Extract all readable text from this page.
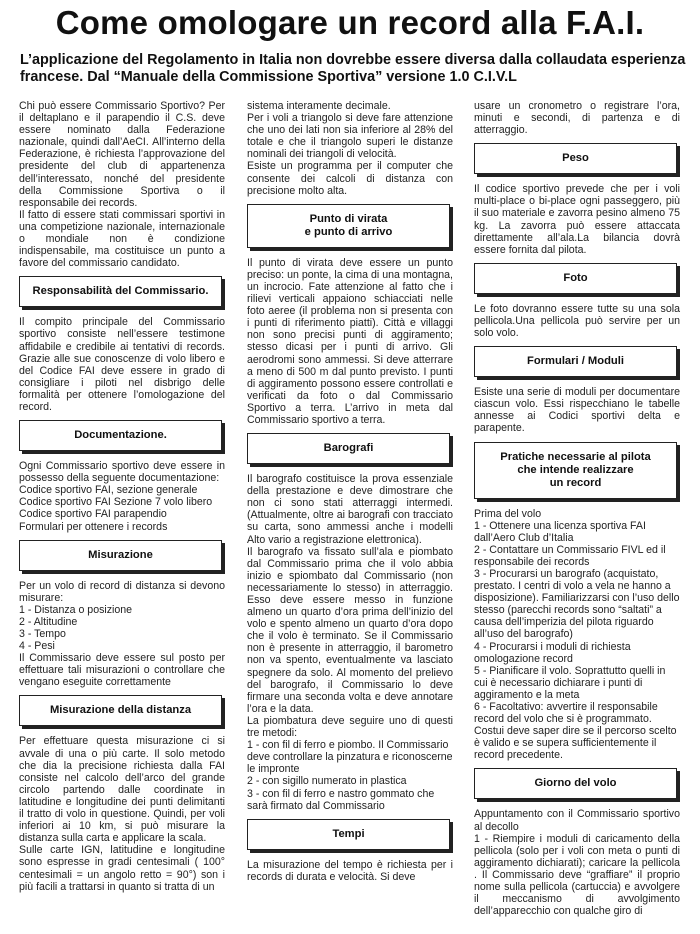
Come omologare un record alla F.A.I.
L’applicazione del Regolamento in Italia non dovrebbe essere diversa dalla collaudata esperienza francese. Dal “Manuale della Commissione Sportiva” versione 1.0 C.I.V.L

Chi può essere Commissario Sportivo? Per il deltaplano e il parapendio il C.S. deve essere nominato dalla Federazione nazionale, quindi dall’AeCI. All’interno della Federazione, è richiesta l’approvazione del presidente del club di appartenenza dell’interessato, nonché del presidente della Commissione Sportiva o il responsabile dei records.

Il fatto di essere stati commissari sportivi in una competizione nazionale, internazionale o mondiale non è condizione indispensabile, ma costituisce un punto a favore del commissario candidato.

Responsabilità del Commissario.

Il compito principale del Commissario sportivo consiste nell’essere testimone affidabile e credibile ai tentativi di records. Grazie alle sue conoscenze di volo libero e del Codice FAI deve essere in grado di consigliare i piloti nel disbrigo delle formalità per ottenere l’omologazione del record.

Documentazione.

Ogni Commissario sportivo deve essere in possesso della seguente documentazione:

Codice sportivo FAI, sezione generale
Codice sportivo FAI Sezione 7 volo libero
Codice sportivo FAI parapendio
Formulari per ottenere i records
Misurazione

Per un volo di record di distanza si devono misurare:

1 - Distanza o posizione
2 - Altitudine
3 - Tempo
4 - Pesi

Il Commissario deve essere sul posto per effettuare tali misurazioni o controllare che vengano eseguite correttamente

Misurazione della distanza

Per effettuare questa misurazione ci si avvale di una o più carte. Il solo metodo che dia la precisione richiesta dalla FAI consiste nel calcolo dell’arco del grande circolo partendo dalle coordinate in latitudine e longitudine dei punti delimitanti il tratto di volo in questione. Quindi, per voli inferiori ai 10 km, si può misurare la distanza sulla carta e applicare la scala.

Sulle carte IGN, latitudine e longitudine sono espresse in gradi centesimali ( 100° centesimali = un angolo retto = 90°) son i più facili a trattarsi in quanto si tratta di un

sistema interamente decimale.

Per i voli a triangolo si deve fare attenzione che uno dei lati non sia inferiore al 28% del totale e che il triangolo superi le distanze nominali dei triangoli di velocità.

Esiste un programma per il computer che consente dei calcoli di distanza con precisione molto alta.

Punto di virata
e punto di arrivo

Il punto di virata deve essere un punto preciso: un ponte, la cima di una montagna, un incrocio. Fate attenzione al fatto che i rilievi verticali appaiono schiacciati nelle foto aeree (il problema non si presenta con i punti di riferimento piatti). Città e villaggi non sono precisi punti di aggiramento; stesso dicasi per i punti di arrivo. Gli aerodromi sono ammessi. Si deve atterrare a meno di 500 m dal punto previsto. I punti di aggiramento possono essere controllati e verificati da foto o dal Commissario Sportivo a terra. L’arrivo in meta dal Commissario sportivo a terra.

Barografi

Il barografo costituisce la prova essenziale della prestazione e deve dimostrare che non ci sono stati atterraggi intermedi. (Attualmente, oltre ai barografi con tracciato su carta, sono ammessi anche i modelli Alto vario a registrazione elettronica).

Il barografo va fissato sull’ala e piombato dal Commissario prima che il volo abbia inizio e spiombato dal Commissario (non necessariamente lo stesso) in atterraggio. Esso deve essere messo in funzione almeno un quarto d’ora prima dell’inizio del volo e spento almeno un quarto d’ora dopo che il volo è terminato. Se il Commissario non è presente in atterraggio, il barometro non va spento, eventualmente va lasciato spegnere da solo. Al momento del prelievo del barografo, il Commissario lo deve firmare una seconda volta e deve annotare l’ora e la data.

La piombatura deve seguire uno di questi tre metodi:

1 - con fil di ferro e piombo. Il Commissario deve controllare la pinzatura e riconoscerne le impronte
2 - con sigillo numerato in plastica
3 - con fil di ferro e nastro gommato che sarà firmato dal Commissario
Tempi

La misurazione del tempo è richiesta per i records di durata e velocità. Si deve

usare un cronometro o registrare l’ora, minuti e secondi, di partenza e di atterraggio.

Peso

Il codice sportivo prevede che per i voli multi-place o bi-place ogni passeggero, più il suo materiale e zavorra pesino almeno 75 kg. La zavorra può essere attaccata direttamente all’ala.La bilancia dovrà essere fornita dal pilota.

Foto

Le foto dovranno essere tutte su una sola pellicola.Una pellicola può servire per un solo volo.

Formulari / Moduli

Esiste una serie di moduli per documentare ciascun volo. Essi rispecchiano le tabelle annesse ai Codici sportivi delta e parapente.

Pratiche necessarie al pilota
che intende realizzare
un record

Prima del volo

1 - Ottenere una licenza sportiva FAI dall’Aero Club d’Italia
2 - Contattare un Commissario FIVL ed il responsabile dei records
3 - Procurarsi un barografo (acquistato, prestato. I centri di volo a vela ne hanno a disposizione). Familiarizzarsi con l’uso dello stesso (parecchi records sono “saltati” a causa dell’imperizia del pilota riguardo all’uso del barografo)
4 - Procurarsi i moduli di richiesta omologazione record
5 - Pianificare il volo. Soprattutto quelli in cui è necessario dichiarare i punti di aggiramento e la meta
6 - Facoltativo: avvertire il responsabile record del volo che si è programmato. Costui deve saper dire se il percorso scelto è valido e se supera sufficientemente il record precedente.
Giorno del volo

Appuntamento con il Commissario sportivo al decollo

1 - Riempire i moduli di caricamento della pellicola (solo per i voli con meta o punti di aggiramento dichiarati); caricare la pellicola . Il Commissario deve “graffiare” il proprio nome sulla pellicola (cartuccia) e avvolgere il meccanismo di avvolgimento dell’apparecchio con qualche giro di
